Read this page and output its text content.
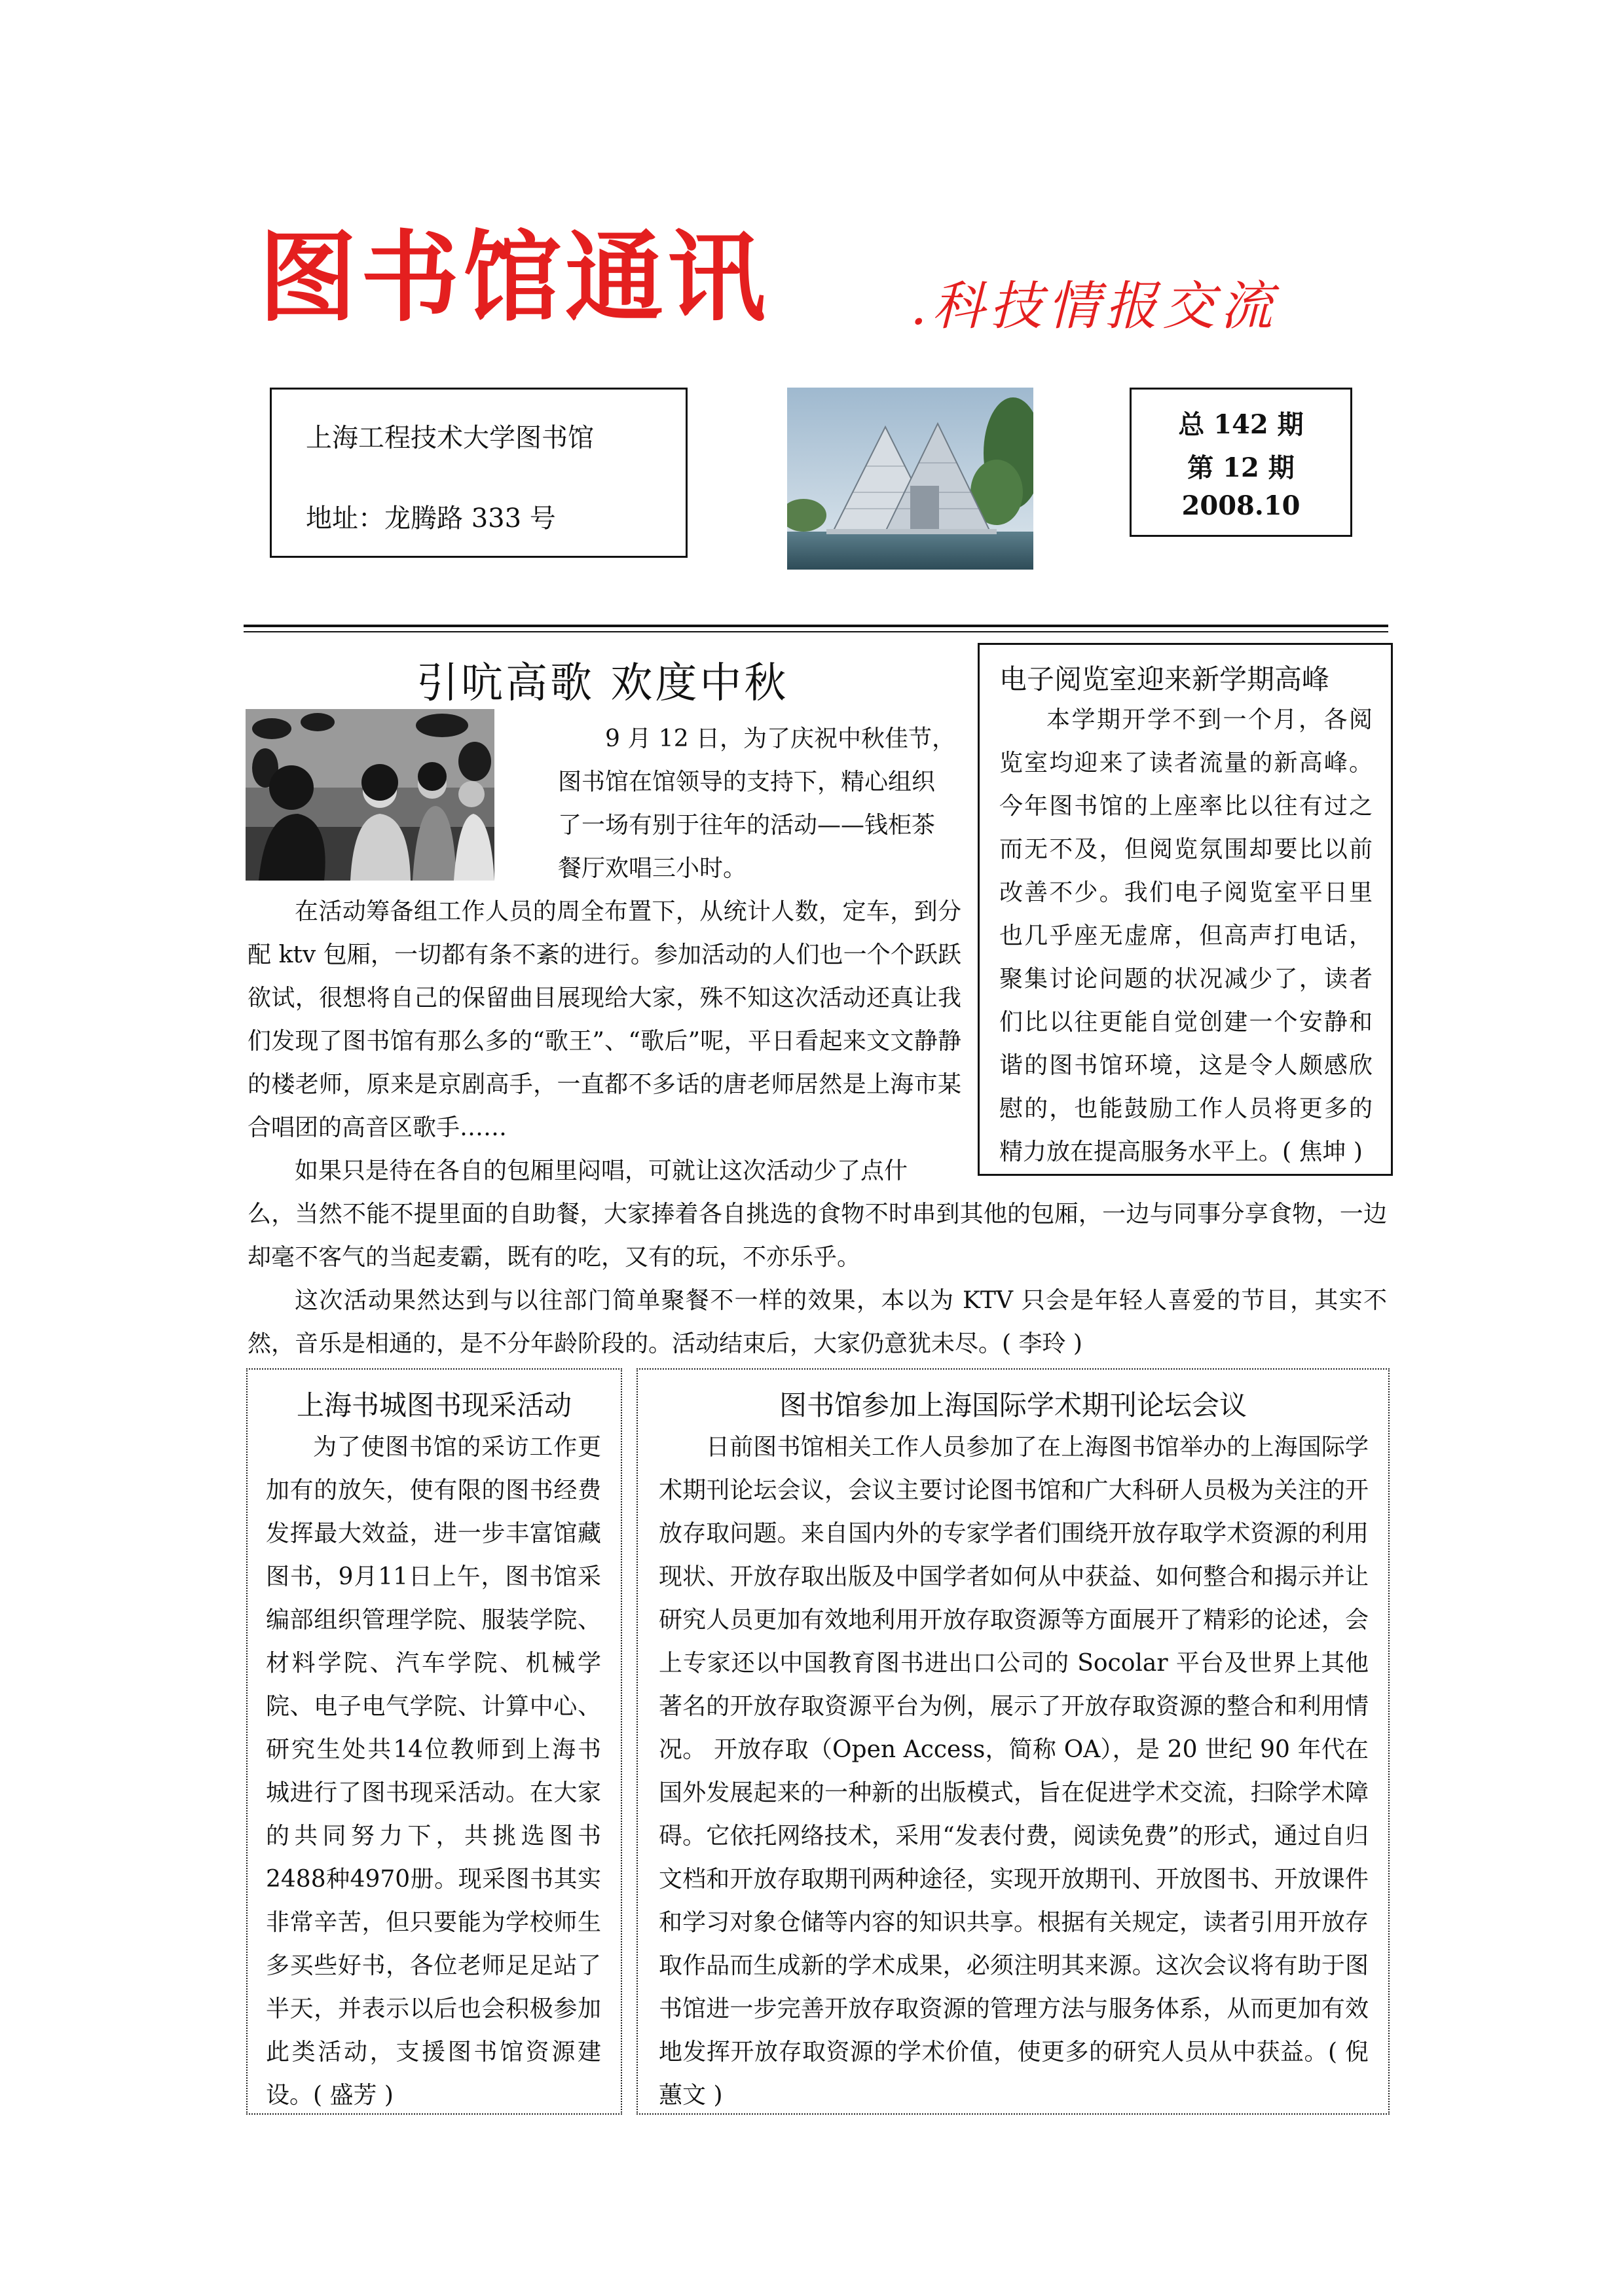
图书馆通讯	.科技情报交流
上海工程技术大学图书馆
地址：龙腾路 333 号
总 142 期
第 12 期
2008.10
引吭高歌 欢度中秋

9 月 12 日，为了庆祝中秋佳节，

图书馆在馆领导的支持下，精心组织

了一场有别于往年的活动——钱柜茶

餐厅欢唱三小时。

在活动筹备组工作人员的周全布置下，从统计人数，定车，到分配 ktv 包厢，一切都有条不紊的进行。参加活动的人们也一个个跃跃欲试，很想将自己的保留曲目展现给大家，殊不知这次活动还真让我们发现了图书馆有那么多的“歌王”、“歌后”呢，平日看起来文文静静的楼老师，原来是京剧高手，一直都不多话的唐老师居然是上海市某合唱团的高音区歌手……
如果只是待在各自的包厢里闷唱，可就让这次活动少了点什
么，当然不能不提里面的自助餐，大家捧着各自挑选的食物不时串到其他的包厢，一边与同事分享食物，一边却毫不客气的当起麦霸，既有的吃，又有的玩，不亦乐乎。
这次活动果然达到与以往部门简单聚餐不一样的效果，本以为 KTV 只会是年轻人喜爱的节目，其实不然，音乐是相通的，是不分年龄阶段的。活动结束后，大家仍意犹未尽。( 李玲 )
电子阅览室迎来新学期高峰
本学期开学不到一个月，各阅览室均迎来了读者流量的新高峰。今年图书馆的上座率比以往有过之而无不及，但阅览氛围却要比以前改善不少。我们电子阅览室平日里也几乎座无虚席，但高声打电话，聚集讨论问题的状况减少了，读者们比以往更能自觉创建一个安静和谐的图书馆环境，这是令人颇感欣慰的，也能鼓励工作人员将更多的精力放在提高服务水平上。( 焦坤 )
上海书城图书现采活动
为了使图书馆的采访工作更加有的放矢，使有限的图书经费发挥最大效益，进一步丰富馆藏图书，9月11日上午，图书馆采编部组织管理学院、服装学院、材料学院、汽车学院、机械学院、电子电气学院、计算中心、研究生处共14位教师到上海书城进行了图书现采活动。在大家的共同努力下，共挑选图书2488种4970册。现采图书其实非常辛苦，但只要能为学校师生多买些好书，各位老师足足站了半天，并表示以后也会积极参加此类活动，支援图书馆资源建设。( 盛芳 )
图书馆参加上海国际学术期刊论坛会议
日前图书馆相关工作人员参加了在上海图书馆举办的上海国际学术期刊论坛会议，会议主要讨论图书馆和广大科研人员极为关注的开放存取问题。来自国内外的专家学者们围绕开放存取学术资源的利用现状、开放存取出版及中国学者如何从中获益、如何整合和揭示并让研究人员更加有效地利用开放存取资源等方面展开了精彩的论述，会上专家还以中国教育图书进出口公司的 Socolar 平台及世界上其他著名的开放存取资源平台为例，展示了开放存取资源的整合和利用情况。 开放存取（Open Access，简称 OA），是 20 世纪 90 年代在国外发展起来的一种新的出版模式，旨在促进学术交流，扫除学术障碍。它依托网络技术，采用“发表付费，阅读免费”的形式，通过自归文档和开放存取期刊两种途径，实现开放期刊、开放图书、开放课件和学习对象仓储等内容的知识共享。根据有关规定，读者引用开放存取作品而生成新的学术成果，必须注明其来源。这次会议将有助于图书馆进一步完善开放存取资源的管理方法与服务体系，从而更加有效地发挥开放存取资源的学术价值，使更多的研究人员从中获益。( 倪蕙文 )
